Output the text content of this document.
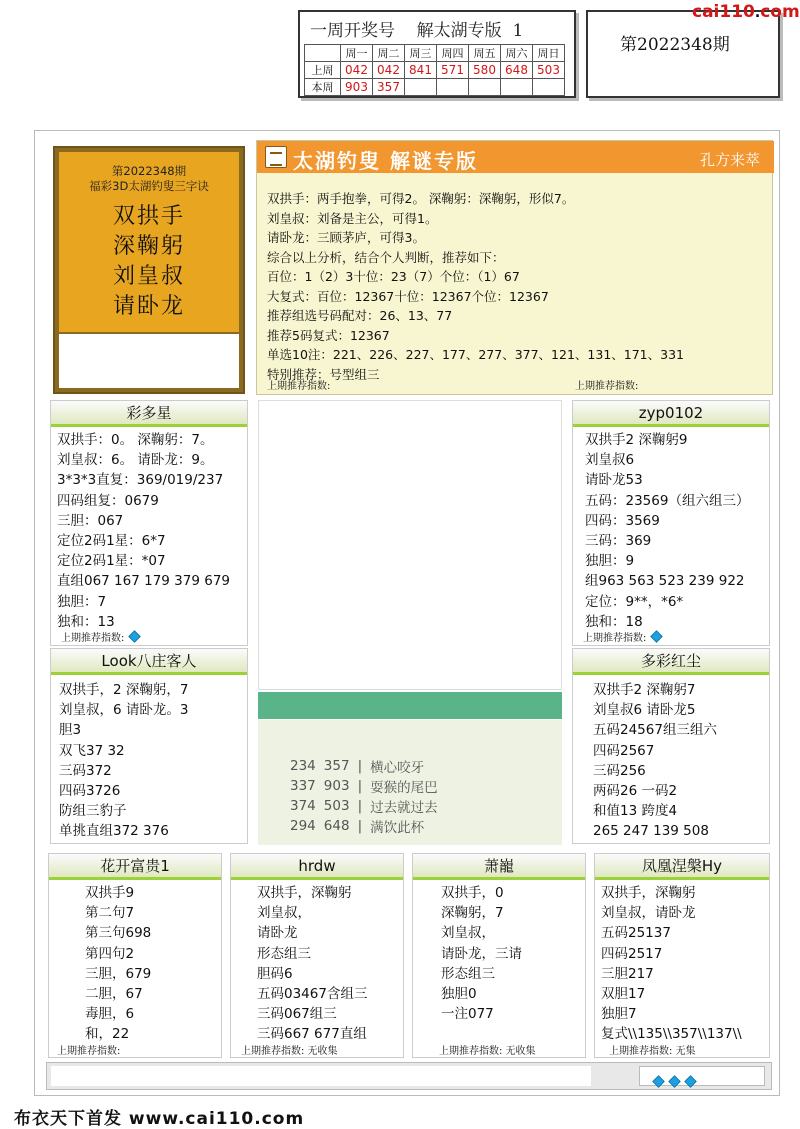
一周开奖号 解太湖专版 1
	周一	周二	周三	周四	周五	周六	周日
上周	042	042	841	571	580	648	503
本周	903	357					
第2022348期
cai110.com
第2022348期
福彩3D太湖钓叟三字诀
双拱手
深鞠躬
刘皇叔
请卧龙
太湖钓叟 解谜专版	孔方来萃
双拱手：两手抱拳，可得2。 深鞠躬：深鞠躬，形似7。
刘皇叔：刘备是主公，可得1。
请卧龙：三顾茅庐，可得3。
综合以上分析，结合个人判断，推荐如下：
百位：1（2）3十位：23（7）个位：（1）67
大复式：百位：12367十位：12367个位：12367
推荐组选号码配对：26、13、77
推荐5码复式：12367
单选10注：221、226、227、177、277、377、121、131、171、331
特别推荐：号型组三
上期推荐指数:	上期推荐指数:
彩多星
双拱手：0。 深鞠躬：7。
刘皇叔：6。 请卧龙：9。
3*3*3直复：369/019/237
四码组复：0679
三胆：067
定位2码1星：6*7
定位2码1星：*07
直组067 167 179 379 679
独胆：7
独和：13
上期推荐指数:
zyp0102
双拱手2 深鞠躬9
刘皇叔6
请卧龙53
五码：23569（组六组三）
四码：3569
三码：369
独胆：9
组963 563 523 239 922
定位：9**，*6*
独和：18
上期推荐指数:
234	357	|	横心咬牙
337	903	|	耍猴的尾巴
374	503	|	过去就过去
294	648	|	满饮此杯
Look八庄客人
双拱手，2 深鞠躬，7
刘皇叔，6 请卧龙。3
胆3
双飞37 32
三码372
四码3726
防组三豹子
单挑直组372 376
多彩红尘
双拱手2 深鞠躬7
刘皇叔6 请卧龙5
五码24567组三组六
四码2567
三码256
两码26 一码2
和值13 跨度4
265 247 139 508
花开富贵1
双拱手9
第二句7
第三句698
第四句2
三胆，679
二胆，67
毒胆，6
和，22
上期推荐指数:
hrdw
双拱手，深鞠躬
刘皇叔，
请卧龙
形态组三
胆码6
五码03467含组三
三码067组三
三码667 677直组
上期推荐指数: 无收集
萧巃
双拱手，0
深鞠躬，7
刘皇叔，
请卧龙，三请
形态组三
独胆0
一注077
上期推荐指数: 无收集
凤凰涅槃Hy
双拱手，深鞠躬
刘皇叔，请卧龙
五码25137
四码2517
三胆217
双胆17
独胆7
复式\\135\\357\\137\\
上期推荐指数: 无集

布衣天下首发 www.cai110.com
